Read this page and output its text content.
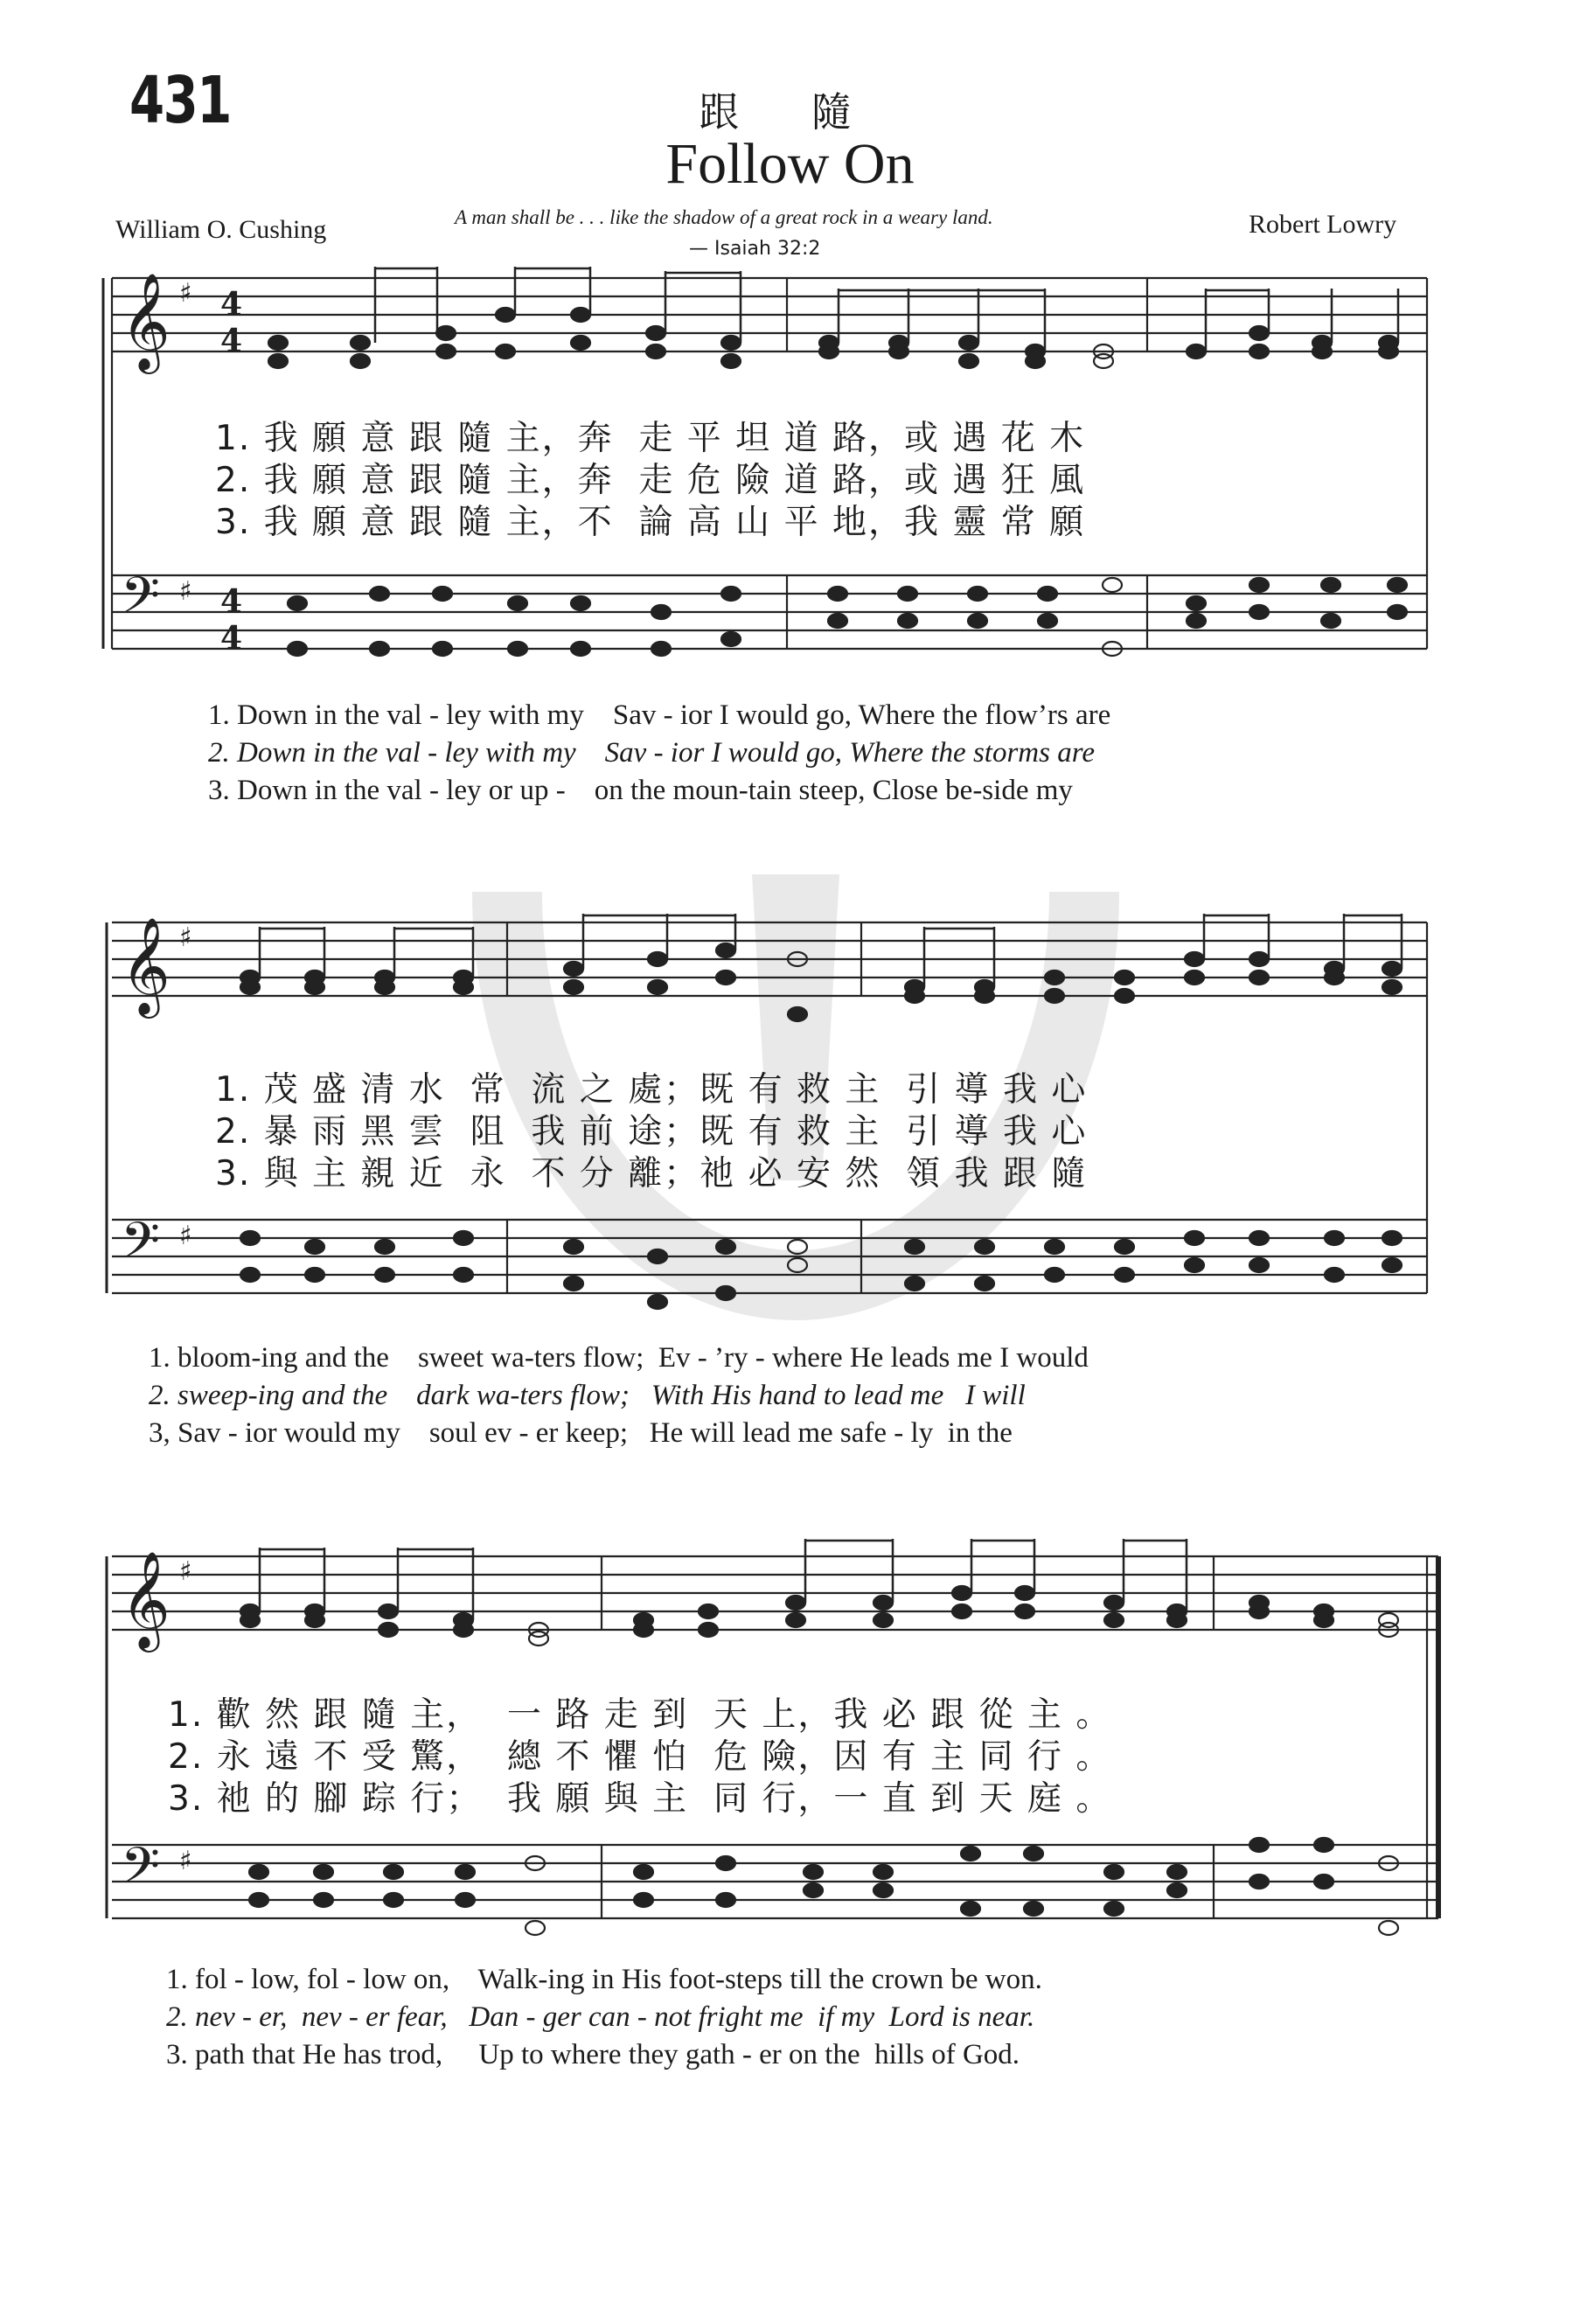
431	跟 隨
Follow On
William O. Cushing	Robert Lowry
A man shall be . . . like the shadow of a great rock in a weary land.
— Isaiah 32:2
𝄞
𝄢
♯
♯
4
4
4
4
𝄞
𝄢
♯
♯
𝄞
𝄢
♯
♯
1. 我 願 意 跟 隨 主，奔  走 平 坦 道 路，或 遇 花 木
2. 我 願 意 跟 隨 主，奔  走 危 險 道 路，或 遇 狂 風
3. 我 願 意 跟 隨 主，不  論 高 山 平 地，我 靈 常 願
1. Down in the val - ley with my    Sav - ior I would go, Where the flow’rs are
2. Down in the val - ley with my    Sav - ior I would go, Where the storms are
3. Down in the val - ley or up -    on the moun-tain steep, Close be-side my
1. 茂 盛 清 水  常  流 之 處；既 有 救 主  引 導 我 心
2. 暴 雨 黑 雲  阻  我 前 途；既 有 救 主  引 導 我 心
3. 與 主 親 近  永  不 分 離；祂 必 安 然  領 我 跟 隨
1. bloom-ing and the    sweet wa-ters flow;  Ev - ’ry - where He leads me I would
2. sweep-ing and the    dark wa-ters flow;   With His hand to lead me   I will
3, Sav - ior would my    soul ev - er keep;   He will lead me safe - ly  in the
1. 歡 然 跟 隨 主，  一 路 走 到  天 上，我 必 跟 從 主 。
2. 永 遠 不 受 驚，  總 不 懼 怕  危 險，因 有 主 同 行 。
3. 祂 的 腳 踪 行；  我 願 與 主  同 行，一 直 到 天 庭 。
1. fol - low, fol - low on,    Walk-ing in His foot-steps till the crown be won.
2. nev - er,  nev - er fear,   Dan - ger can - not fright me  if my  Lord is near.
3. path that He has trod,     Up to where they gath - er on the  hills of God.
